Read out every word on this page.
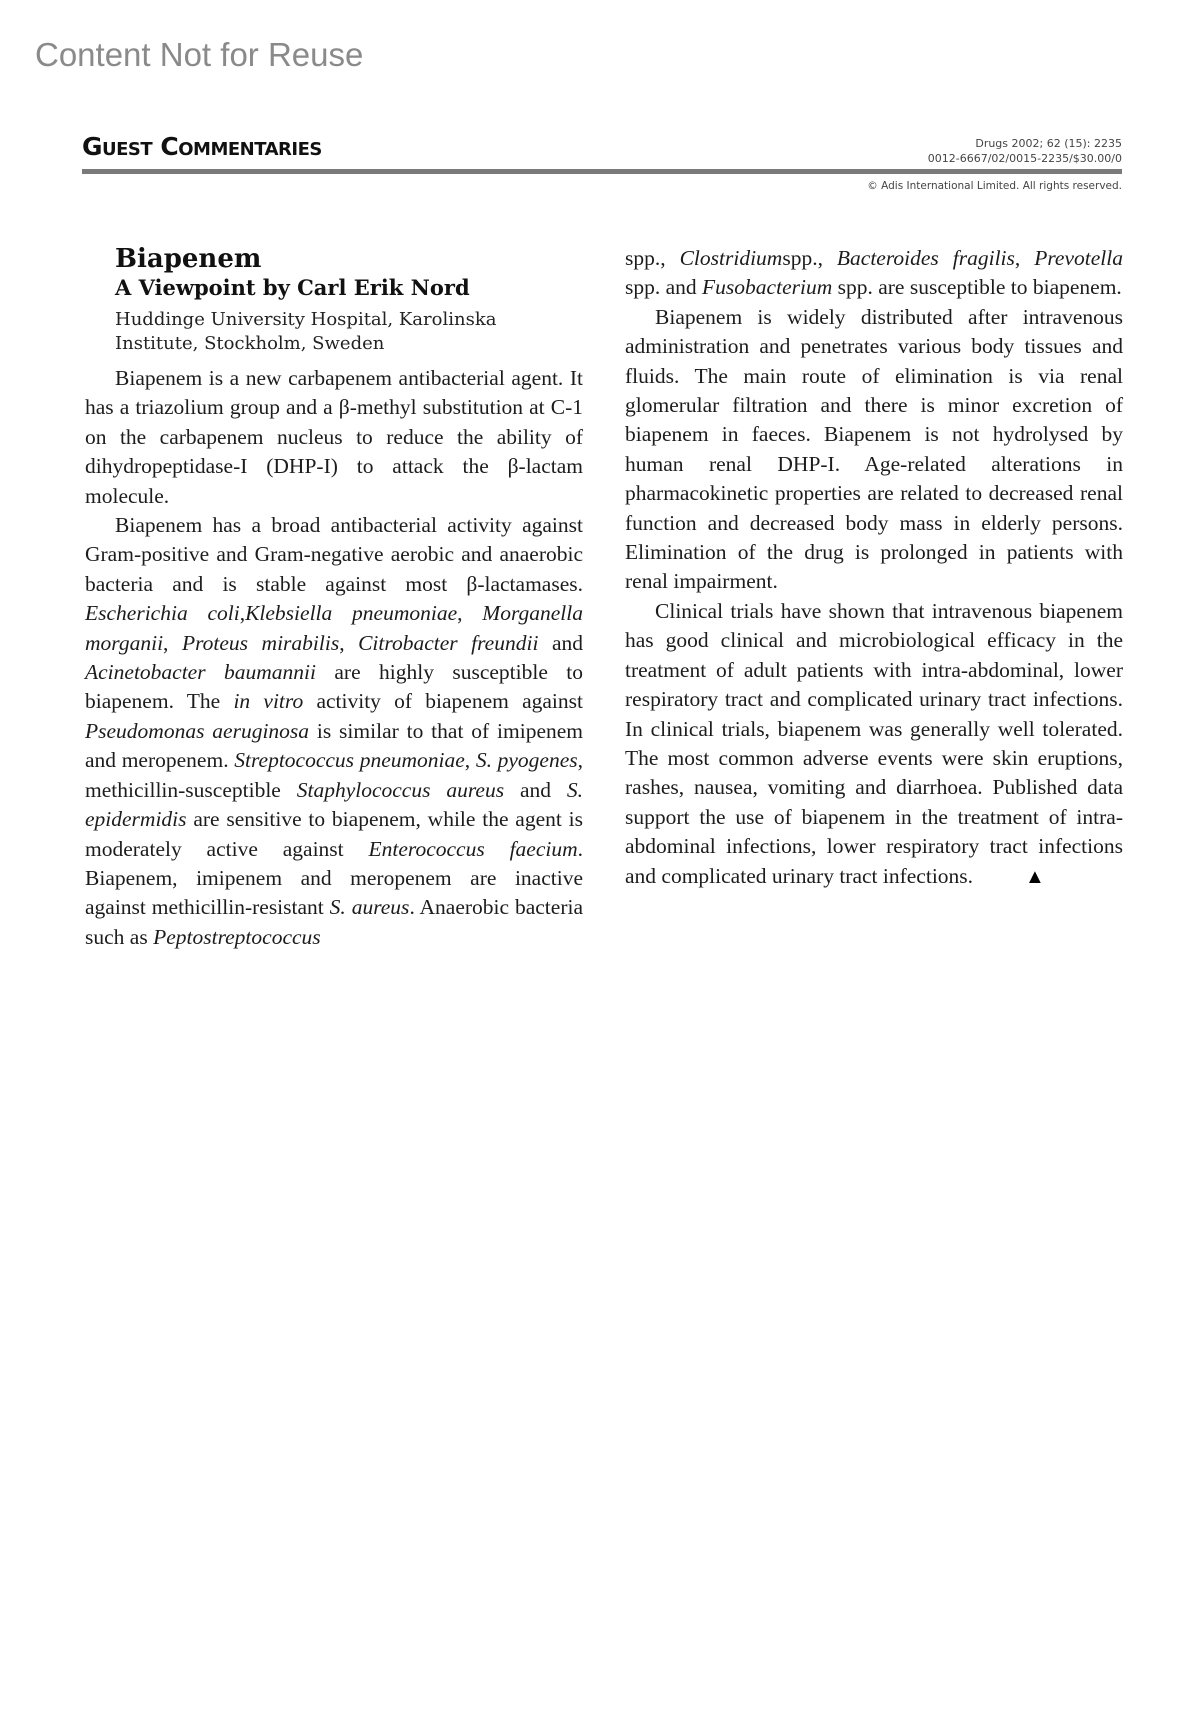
Content Not for Reuse
Guest Commentaries	Drugs 2002; 62 (15): 2235
0012-6667/02/0015-2235/$30.00/0
© Adis International Limited. All rights reserved.
Biapenem
A Viewpoint by Carl Erik Nord
Huddinge University Hospital, Karolinska
Institute, Stockholm, Sweden

Biapenem is a new carbapenem antibacterial agent. It has a triazolium group and a β-methyl substitution at C-1 on the carbapenem nucleus to reduce the ability of dihydropeptidase-I (DHP-I) to attack the β-lactam molecule.

Biapenem has a broad antibacterial activity against Gram-positive and Gram-negative aerobic and anaerobic bacteria and is stable against most β-lactamases. Escherichia coli,Klebsiella pneumoniae, Morganella morganii, Proteus mirabilis, Citrobacter freundii and Acinetobacter baumannii are highly susceptible to biapenem. The in vitro activity of biapenem against Pseudomonas aeruginosa is similar to that of imipenem and meropenem. Streptococcus pneumoniae, S. pyogenes, methicillin-susceptible Staphylococcus aureus and S. epidermidis are sensitive to biapenem, while the agent is moderately active against Enterococcus faecium. Biapenem, imipenem and meropenem are inactive against methicillin-resistant S. aureus. Anaerobic bacteria such as Peptostreptococcus

spp., Clostridiumspp., Bacteroides fragilis, Prevotella spp. and Fusobacterium spp. are susceptible to biapenem.

Biapenem is widely distributed after intravenous administration and penetrates various body tissues and fluids. The main route of elimination is via renal glomerular filtration and there is minor excretion of biapenem in faeces. Biapenem is not hydrolysed by human renal DHP-I. Age-related alterations in pharmacokinetic properties are related to decreased renal function and decreased body mass in elderly persons. Elimination of the drug is prolonged in patients with renal impairment.

Clinical trials have shown that intravenous biapenem has good clinical and microbiological efficacy in the treatment of adult patients with intra-abdominal, lower respiratory tract and complicated urinary tract infections. In clinical trials, biapenem was generally well tolerated. The most common adverse events were skin eruptions, rashes, nausea, vomiting and diarrhoea. Published data support the use of biapenem in the treatment of intra-abdominal infections, lower respiratory tract infections and complicated urinary tract infections.	▲
